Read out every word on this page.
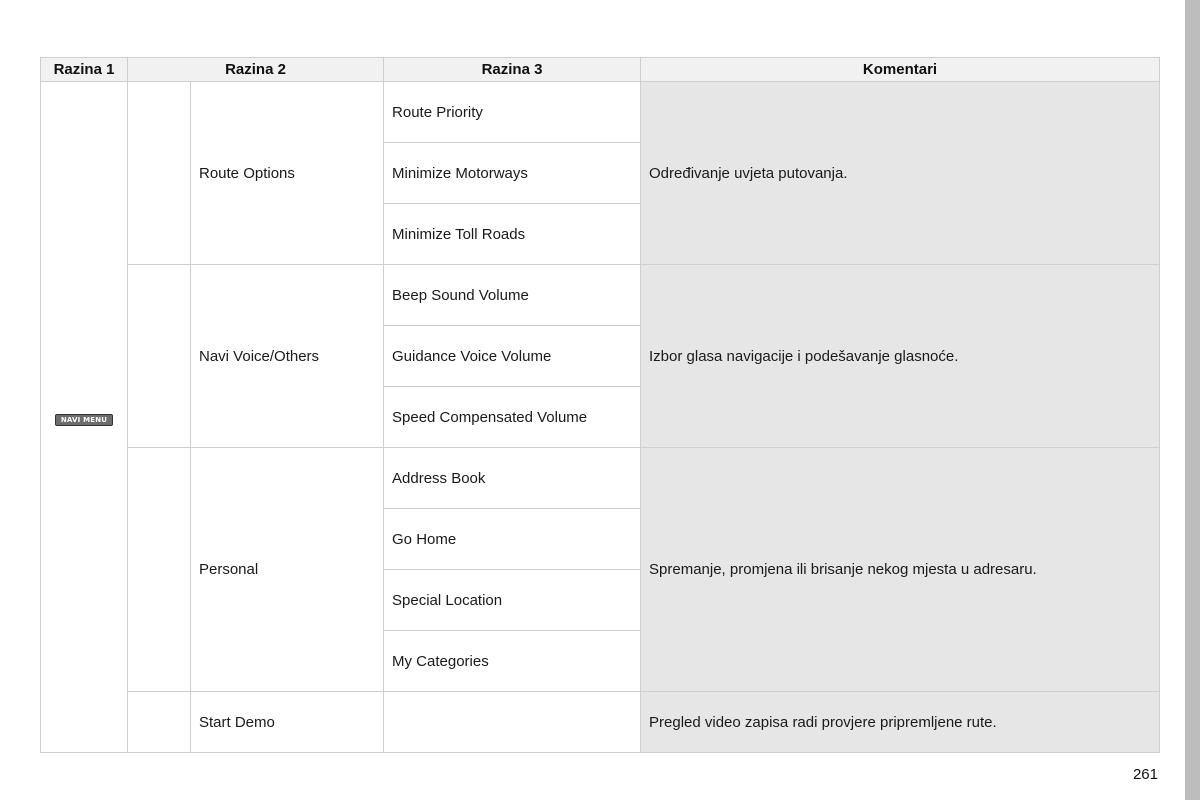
Razina 1	Razina 2		Razina 3	Komentari
NAVI MENU		Route Options	Route Priority	Određivanje uvjeta putovanja.
			Minimize Motorways	
			Minimize Toll Roads	
		Navi Voice/Others	Beep Sound Volume	Izbor glasa navigacije i podešavanje glasnoće.
			Guidance Voice Volume	
			Speed Compensated Volume	
		Personal	Address Book	Spremanje, promjena ili brisanje nekog mjesta u adresaru.
			Go Home	
			Special Location	
			My Categories	
		Start Demo		Pregled video zapisa radi provjere pripremljene rute.
261
